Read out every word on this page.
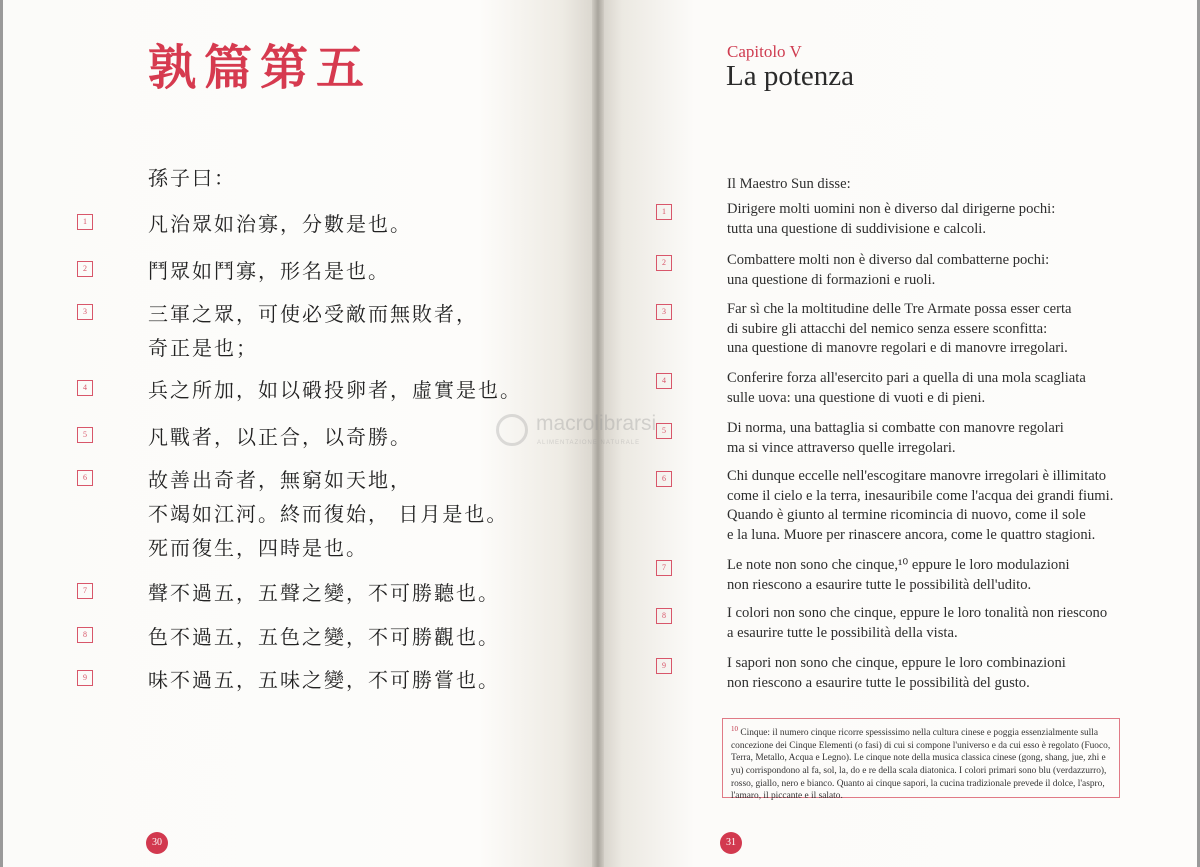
孰篇第五
孫子曰：
1	凡治眾如治寡，分數是也。
2	鬥眾如鬥寡，形名是也。
3	三軍之眾，可使必受敵而無敗者，
奇正是也；
4	兵之所加，如以碫投卵者，虛實是也。
5	凡戰者，以正合，以奇勝。
6	故善出奇者，無窮如天地，
不竭如江河。終而復始， 日月是也。
死而復生，四時是也。
7	聲不過五，五聲之變，不可勝聽也。
8	色不過五，五色之變，不可勝觀也。
9	味不過五，五味之變，不可勝嘗也。
30
macrolibrarsi
ALIMENTAZIONE NATURALE
Capitolo V
La potenza
Il Maestro Sun disse:
1	Dirigere molti uomini non è diverso dal dirigerne pochi:
tutta una questione di suddivisione e calcoli.
2	Combattere molti non è diverso dal combatterne pochi:
una questione di formazioni e ruoli.
3	Far sì che la moltitudine delle Tre Armate possa esser certa
di subire gli attacchi del nemico senza essere sconfitta:
una questione di manovre regolari e di manovre irregolari.
4	Conferire forza all'esercito pari a quella di una mola scagliata
sulle uova: una questione di vuoti e di pieni.
5	Di norma, una battaglia si combatte con manovre regolari
ma si vince attraverso quelle irregolari.
6	Chi dunque eccelle nell'escogitare manovre irregolari è illimitato
come il cielo e la terra, inesauribile come l'acqua dei grandi fiumi.
Quando è giunto al termine ricomincia di nuovo, come il sole
e la luna. Muore per rinascere ancora, come le quattro stagioni.
7	Le note non sono che cinque,¹⁰ eppure le loro modulazioni
non riescono a esaurire tutte le possibilità dell'udito.
8	I colori non sono che cinque, eppure le loro tonalità non riescono
a esaurire tutte le possibilità della vista.
9	I sapori non sono che cinque, eppure le loro combinazioni
non riescono a esaurire tutte le possibilità del gusto.
$^{10}$ Cinque: il numero cinque ricorre spessissimo nella cultura cinese e poggia essenzialmente sulla concezione dei Cinque Elementi (o fasi) di cui si compone l'universo e da cui esso è regolato (Fuoco, Terra, Metallo, Acqua e Legno). Le cinque note della musica classica cinese (gong, shang, jue, zhi e yu) corrispondono al fa, sol, la, do e re della scala diatonica. I colori primari sono blu (verdazzurro), rosso, giallo, nero e bianco. Quanto ai cinque sapori, la cucina tradizionale prevede il dolce, l'aspro, l'amaro, il piccante e il salato.
31
